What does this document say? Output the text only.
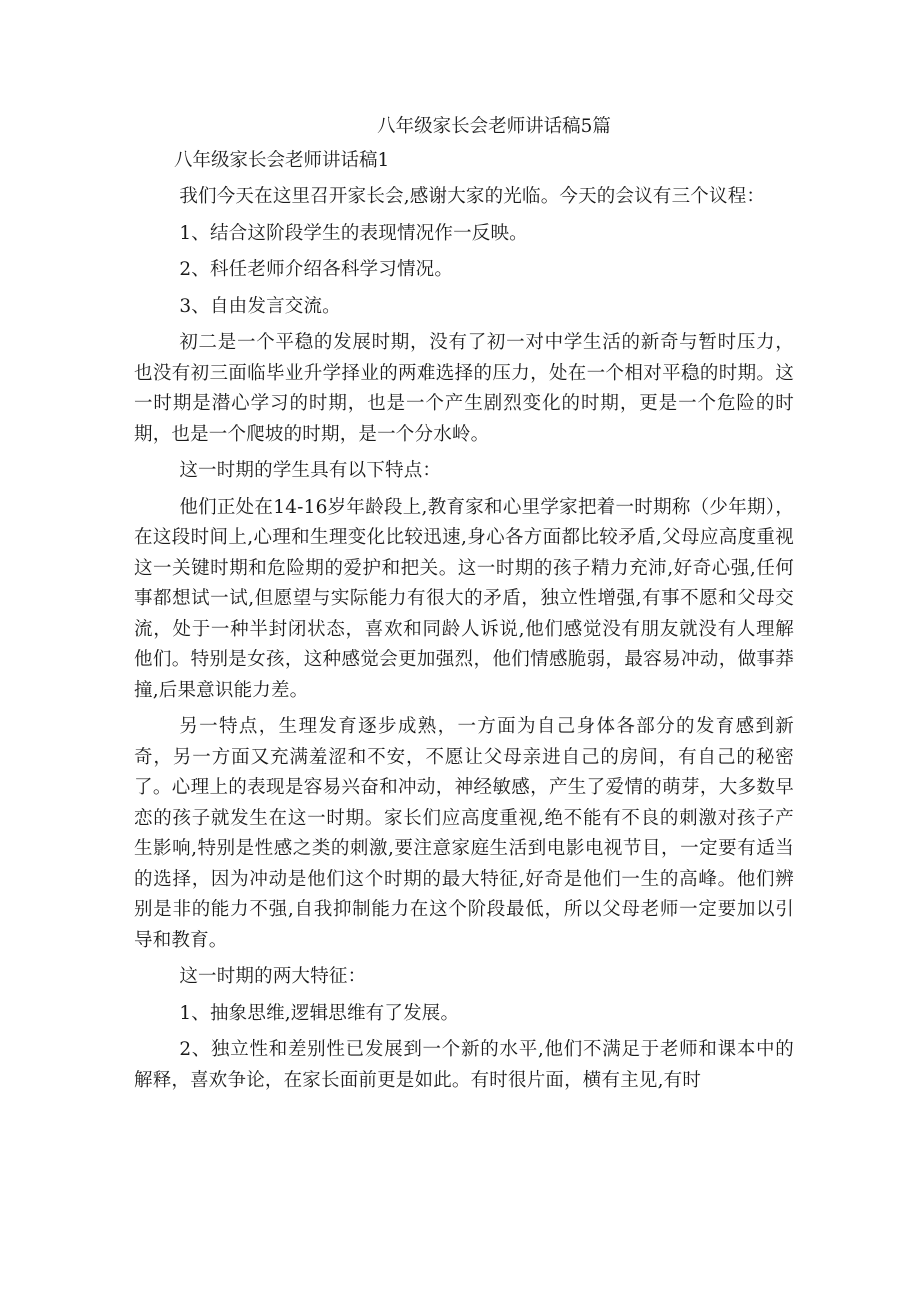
八年级家长会老师讲话稿5篇
八年级家长会老师讲话稿1

我们今天在这里召开家长会,感谢大家的光临。今天的会议有三个议程：

1、结合这阶段学生的表现情况作一反映。

2、科任老师介绍各科学习情况。

3、自由发言交流。

初二是一个平稳的发展时期，没有了初一对中学生活的新奇与暂时压力，也没有初三面临毕业升学择业的两难选择的压力，处在一个相对平稳的时期。这一时期是潜心学习的时期，也是一个产生剧烈变化的时期，更是一个危险的时期，也是一个爬坡的时期，是一个分水岭。

这一时期的学生具有以下特点：

他们正处在14-16岁年龄段上,教育家和心里学家把着一时期称（少年期），在这段时间上,心理和生理变化比较迅速,身心各方面都比较矛盾,父母应高度重视这一关键时期和危险期的爱护和把关。这一时期的孩子精力充沛,好奇心强,任何事都想试一试,但愿望与实际能力有很大的矛盾，独立性增强,有事不愿和父母交流，处于一种半封闭状态，喜欢和同龄人诉说,他们感觉没有朋友就没有人理解他们。特别是女孩，这种感觉会更加强烈，他们情感脆弱，最容易冲动，做事莽撞,后果意识能力差。

另一特点，生理发育逐步成熟，一方面为自己身体各部分的发育感到新奇，另一方面又充满羞涩和不安，不愿让父母亲进自己的房间，有自己的秘密了。心理上的表现是容易兴奋和冲动，神经敏感，产生了爱情的萌芽，大多数早恋的孩子就发生在这一时期。家长们应高度重视,绝不能有不良的刺激对孩子产生影响,特别是性感之类的刺激,要注意家庭生活到电影电视节目，一定要有适当的选择，因为冲动是他们这个时期的最大特征,好奇是他们一生的高峰。他们辨别是非的能力不强,自我抑制能力在这个阶段最低，所以父母老师一定要加以引导和教育。

这一时期的两大特征：

1、抽象思维,逻辑思维有了发展。

2、独立性和差别性已发展到一个新的水平,他们不满足于老师和课本中的解释，喜欢争论，在家长面前更是如此。有时很片面，横有主见,有时
